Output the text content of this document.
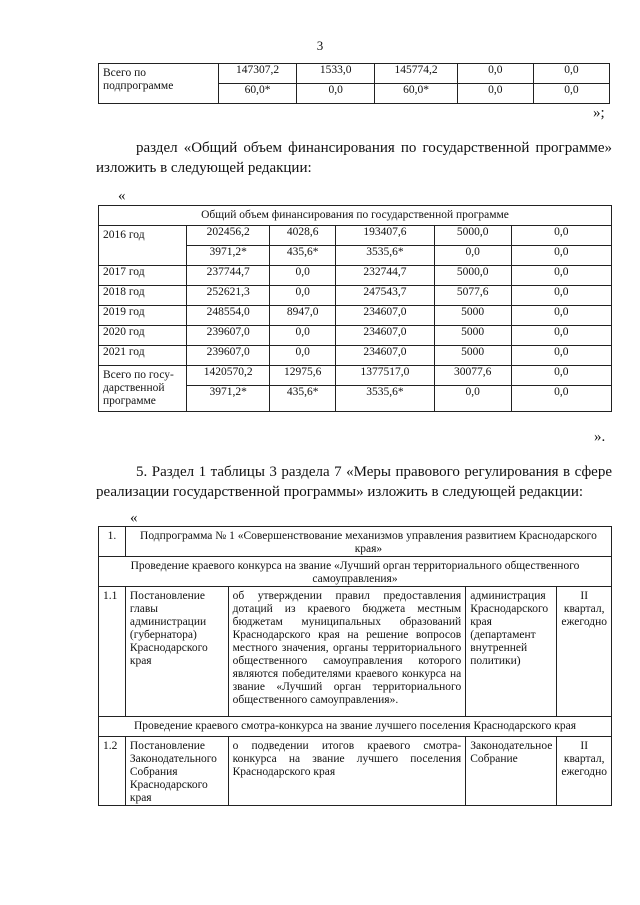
3
Всего по подпрограмме	147307,2	1533,0	145774,2	0,0	0,0
	60,0*	0,0	60,0*	0,0	0,0
»;
раздел «Общий объем финансирования по государственной программе» изложить в следующей редакции:
«
Общий объем финансирования по государственной программе					
2016 год	202456,2	4028,6	193407,6	5000,0	0,0
	3971,2*	435,6*	3535,6*	0,0	0,0
2017 год	237744,7	0,0	232744,7	5000,0	0,0
2018 год	252621,3	0,0	247543,7	5077,6	0,0
2019 год	248554,0	8947,0	234607,0	5000	0,0
2020 год	239607,0	0,0	234607,0	5000	0,0
2021 год	239607,0	0,0	234607,0	5000	0,0
Всего по госу- дарственной программе	1420570,2	12975,6	1377517,0	30077,6	0,0
	3971,2*	435,6*	3535,6*	0,0	0,0
».
5. Раздел 1 таблицы 3 раздела 7 «Меры правового регулирования в сфере реализации государственной программы» изложить в следующей редакции:
«
1.	Подпрограмма № 1 «Совершенствование механизмов управления развитием Краснодарского края»			
Проведение краевого конкурса на звание «Лучший орган территориального общественного самоуправления»				
1.1	Постановление главы администрации (губернатора) Краснодарского края	об утверждении правил предоставления дотаций из краевого бюджета местным бюджетам муниципальных образований Краснодарского края на решение вопросов местного значения, органы территориального общественного самоуправления которого являются победителями краевого конкурса на звание «Лучший орган территориального общественного самоуправления».	администрация Краснодарского края (департамент внутренней политики)	II квартал, ежегодно
Проведение краевого смотра-конкурса на звание лучшего поселения Краснодарского края				
1.2	Постановление Законодательного Собрания Краснодарского края	о подведении итогов краевого смотра-конкурса на звание лучшего поселения Краснодарского края	Законодательное Собрание	II квартал, ежегодно
